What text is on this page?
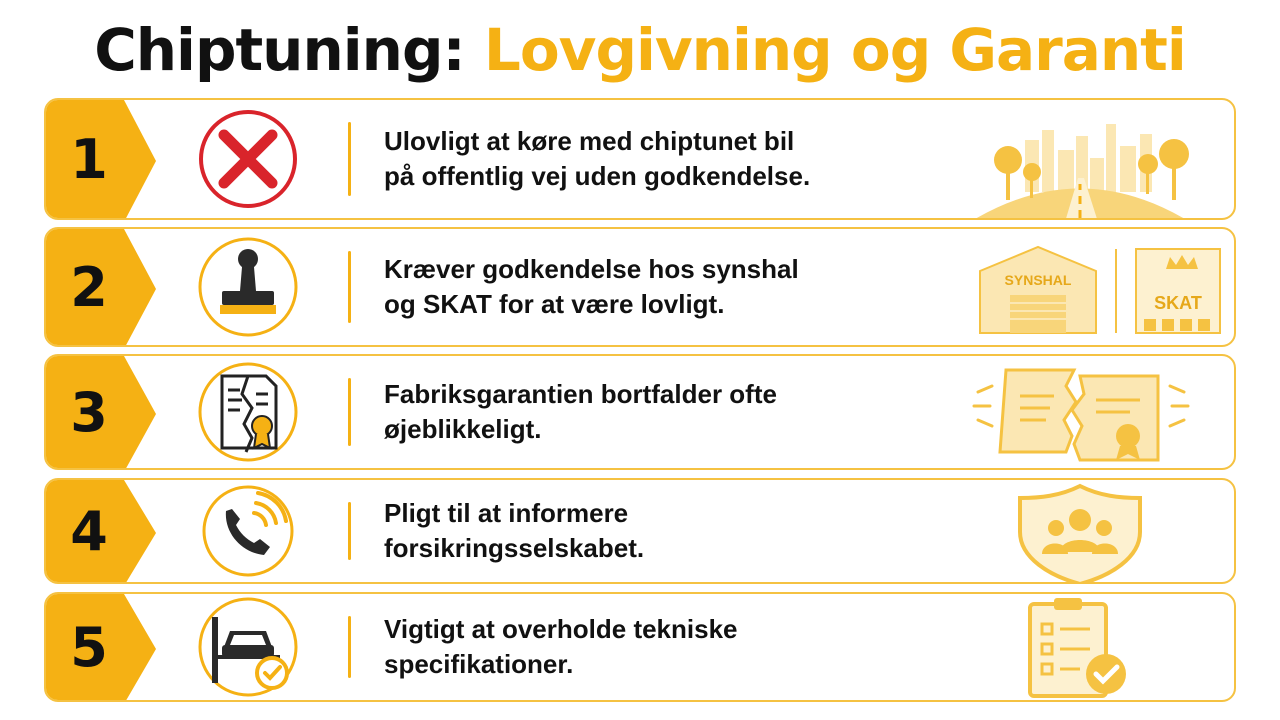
Chiptuning: Lovgivning og Garanti
1	Ulovligt at køre med chiptunet bil
på offentlig vej uden godkendelse.
2	Kræver godkendelse hos synshal
og SKAT for at være lovligt.
SYNSHAL
SKAT
3	Fabriksgarantien bortfalder ofte
øjeblikkeligt.
4	Pligt til at informere
forsikringsselskabet.
5	Vigtigt at overholde tekniske
specifikationer.
